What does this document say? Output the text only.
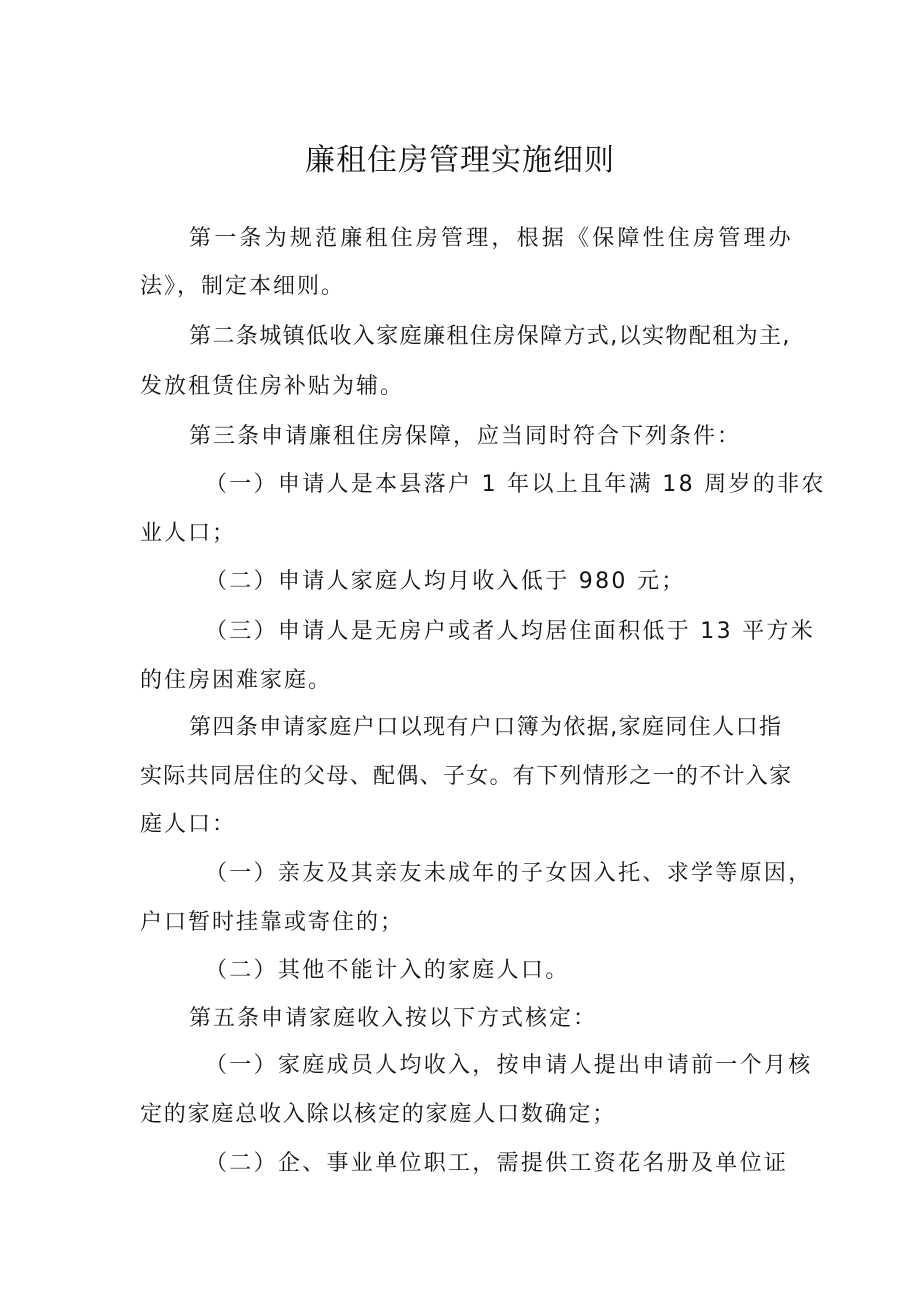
廉租住房管理实施细则

第一条为规范廉租住房管理，根据《保障性住房管理办

法》，制定本细则。

第二条城镇低收入家庭廉租住房保障方式,以实物配租为主,

发放租赁住房补贴为辅。

第三条申请廉租住房保障，应当同时符合下列条件：

（一）申请人是本县落户 1 年以上且年满 18 周岁的非农

业人口；

（二）申请人家庭人均月收入低于 980 元；

（三）申请人是无房户或者人均居住面积低于 13 平方米

的住房困难家庭。

第四条申请家庭户口以现有户口簿为依据,家庭同住人口指

实际共同居住的父母、配偶、子女。有下列情形之一的不计入家

庭人口：

（一）亲友及其亲友未成年的子女因入托、求学等原因，

户口暂时挂靠或寄住的；

（二）其他不能计入的家庭人口。

第五条申请家庭收入按以下方式核定：

（一）家庭成员人均收入，按申请人提出申请前一个月核

定的家庭总收入除以核定的家庭人口数确定；

（二）企、事业单位职工，需提供工资花名册及单位证
